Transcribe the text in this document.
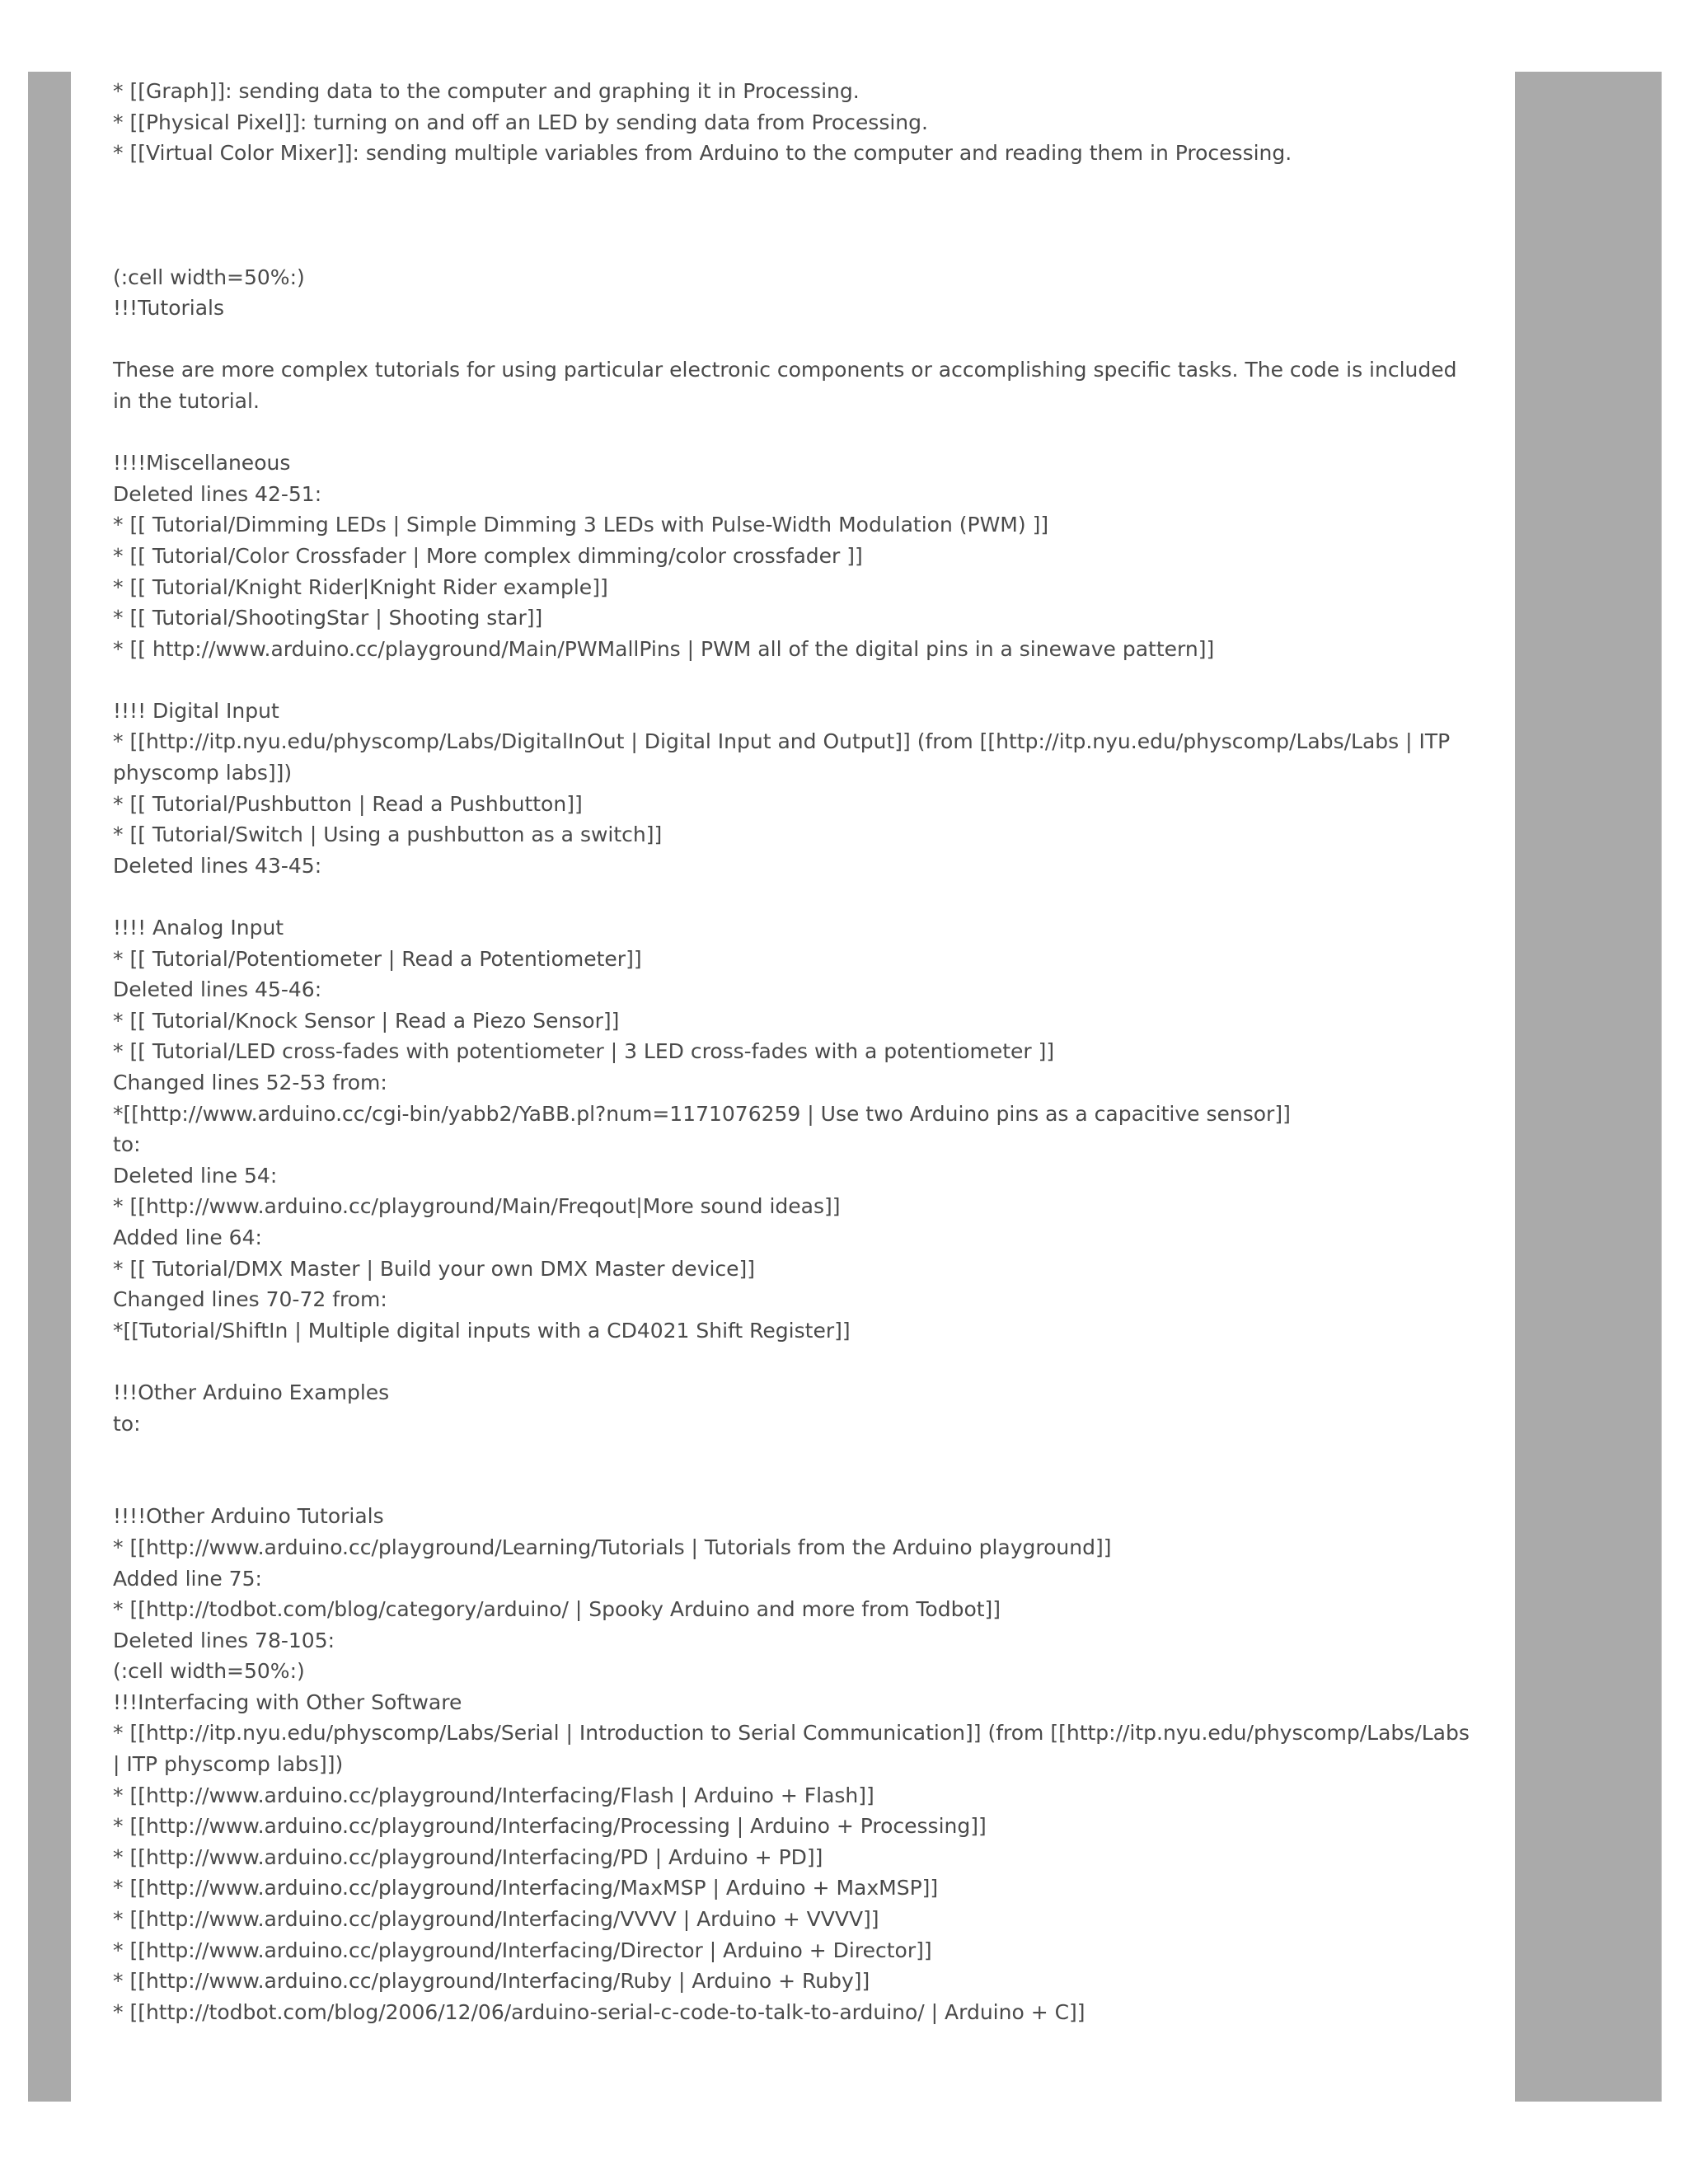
* [[Graph]]: sending data to the computer and graphing it in Processing.
* [[Physical Pixel]]: turning on and off an LED by sending data from Processing.
* [[Virtual Color Mixer]]: sending multiple variables from Arduino to the computer and reading them in Processing.
(:cell width=50%:)
!!!Tutorials
These are more complex tutorials for using particular electronic components or accomplishing specific tasks. The code is included in the tutorial.
!!!!Miscellaneous
Deleted lines 42-51:
* [[ Tutorial/Dimming LEDs | Simple Dimming 3 LEDs with Pulse-Width Modulation (PWM) ]]
* [[ Tutorial/Color Crossfader | More complex dimming/color crossfader ]]
* [[ Tutorial/Knight Rider|Knight Rider example]]
* [[ Tutorial/ShootingStar | Shooting star]]
* [[ http://www.arduino.cc/playground/Main/PWMallPins | PWM all of the digital pins in a sinewave pattern]]
!!!! Digital Input
* [[http://itp.nyu.edu/physcomp/Labs/DigitalInOut | Digital Input and Output]] (from [[http://itp.nyu.edu/physcomp/Labs/Labs | ITP physcomp labs]])
* [[ Tutorial/Pushbutton | Read a Pushbutton]]
* [[ Tutorial/Switch | Using a pushbutton as a switch]]
Deleted lines 43-45:
!!!! Analog Input
* [[ Tutorial/Potentiometer | Read a Potentiometer]]
Deleted lines 45-46:
* [[ Tutorial/Knock Sensor | Read a Piezo Sensor]]
* [[ Tutorial/LED cross-fades with potentiometer | 3 LED cross-fades with a potentiometer ]]
Changed lines 52-53 from:
*[[http://www.arduino.cc/cgi-bin/yabb2/YaBB.pl?num=1171076259 | Use two Arduino pins as a capacitive sensor]]
to:
Deleted line 54:
* [[http://www.arduino.cc/playground/Main/Freqout|More sound ideas]]
Added line 64:
* [[ Tutorial/DMX Master | Build your own DMX Master device]]
Changed lines 70-72 from:
*[[Tutorial/ShiftIn | Multiple digital inputs with a CD4021 Shift Register]]
!!!Other Arduino Examples
to:
!!!!Other Arduino Tutorials
* [[http://www.arduino.cc/playground/Learning/Tutorials | Tutorials from the Arduino playground]]
Added line 75:
* [[http://todbot.com/blog/category/arduino/ | Spooky Arduino and more from Todbot]]
Deleted lines 78-105:
(:cell width=50%:)
!!!Interfacing with Other Software
* [[http://itp.nyu.edu/physcomp/Labs/Serial | Introduction to Serial Communication]] (from [[http://itp.nyu.edu/physcomp/Labs/Labs | ITP physcomp labs]])
* [[http://www.arduino.cc/playground/Interfacing/Flash | Arduino + Flash]]
* [[http://www.arduino.cc/playground/Interfacing/Processing | Arduino + Processing]]
* [[http://www.arduino.cc/playground/Interfacing/PD | Arduino + PD]]
* [[http://www.arduino.cc/playground/Interfacing/MaxMSP | Arduino + MaxMSP]]
* [[http://www.arduino.cc/playground/Interfacing/VVVV | Arduino + VVVV]]
* [[http://www.arduino.cc/playground/Interfacing/Director | Arduino + Director]]
* [[http://www.arduino.cc/playground/Interfacing/Ruby | Arduino + Ruby]]
* [[http://todbot.com/blog/2006/12/06/arduino-serial-c-code-to-talk-to-arduino/ | Arduino + C]]
